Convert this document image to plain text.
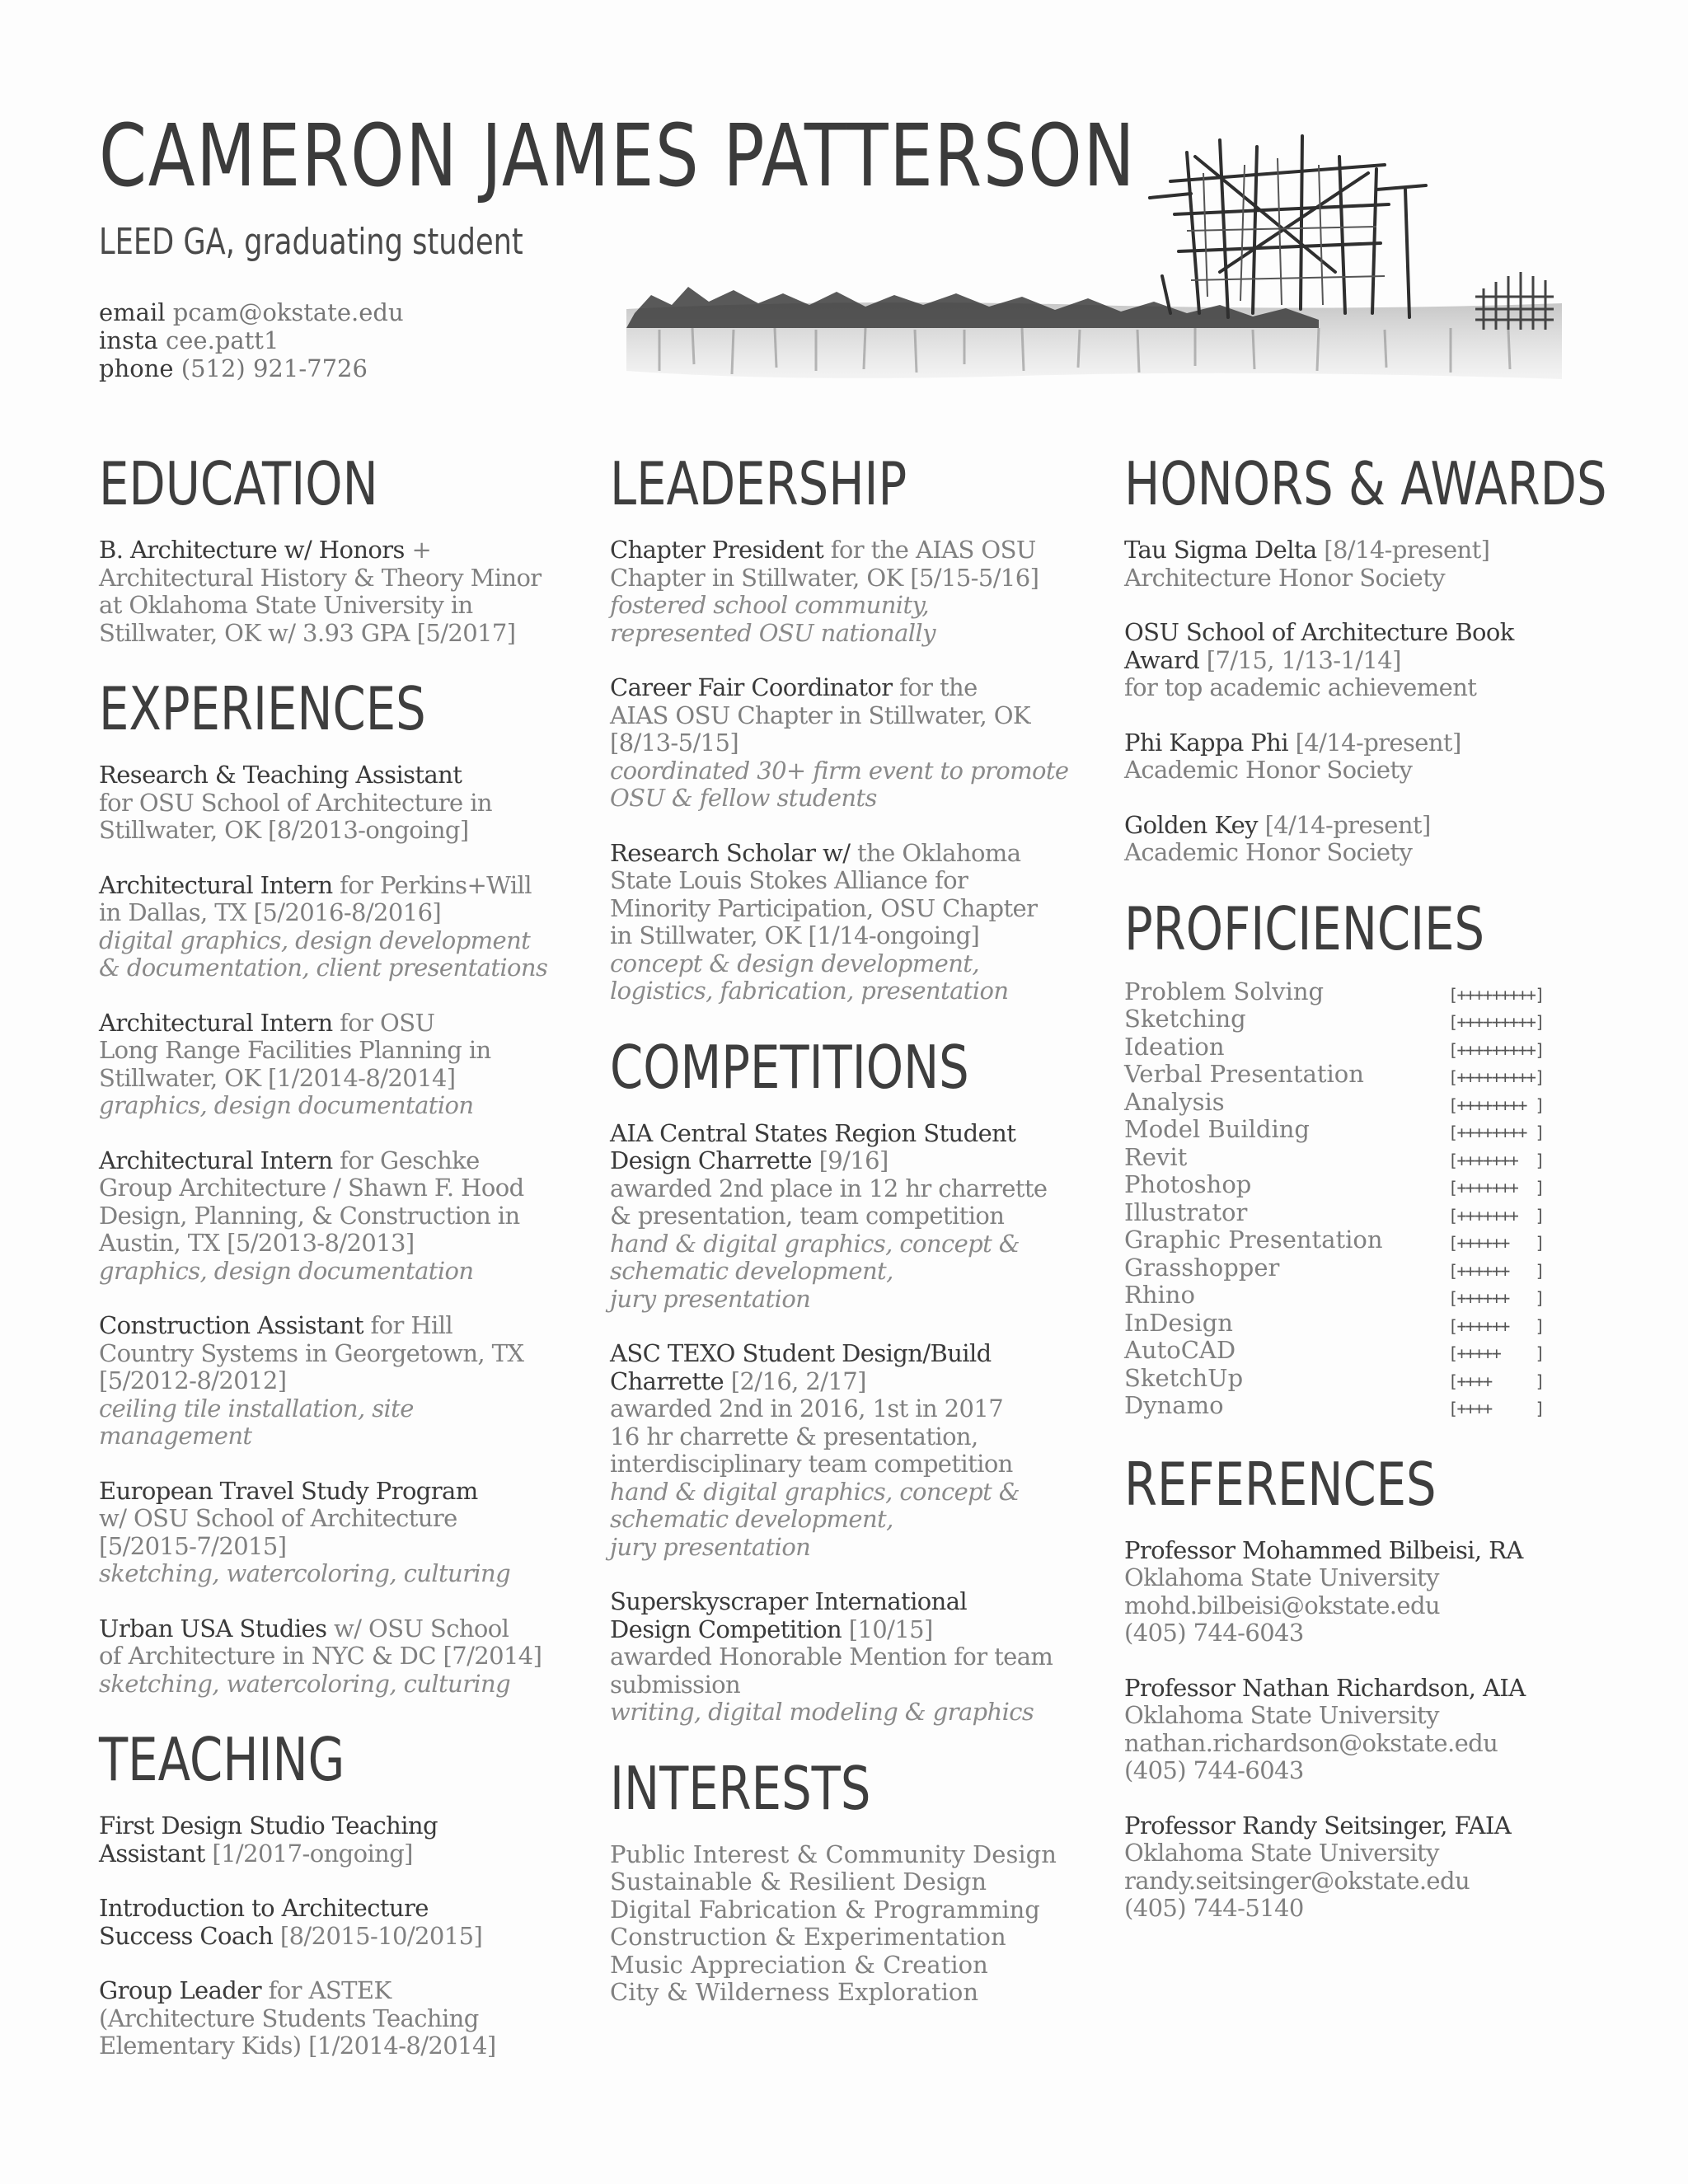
CAMERON JAMES PATTERSON
LEED GA, graduating student
email pcam@okstate.edu
insta cee.patt1
phone (512) 921-7726
EDUCATION
B. Architecture w/ Honors +
Architectural History & Theory Minor
at Oklahoma State University in
Stillwater, OK w/ 3.93 GPA [5/2017]
EXPERIENCES
Research & Teaching Assistant
for OSU School of Architecture in
Stillwater, OK [8/2013-ongoing]
Architectural Intern for Perkins+Will
in Dallas, TX [5/2016-8/2016]
digital graphics, design development
& documentation, client presentations
Architectural Intern for OSU
Long Range Facilities Planning in
Stillwater, OK [1/2014-8/2014]
graphics, design documentation
Architectural Intern for Geschke
Group Architecture / Shawn F. Hood
Design, Planning, & Construction in
Austin, TX [5/2013-8/2013]
graphics, design documentation
Construction Assistant for Hill
Country Systems in Georgetown, TX
[5/2012-8/2012]
ceiling tile installation, site
management
European Travel Study Program
w/ OSU School of Architecture
[5/2015-7/2015]
sketching, watercoloring, culturing
Urban USA Studies w/ OSU School
of Architecture in NYC & DC [7/2014]
sketching, watercoloring, culturing
TEACHING
First Design Studio Teaching
Assistant [1/2017-ongoing]
Introduction to Architecture
Success Coach [8/2015-10/2015]
Group Leader for ASTEK
(Architecture Students Teaching
Elementary Kids) [1/2014-8/2014]
LEADERSHIP
Chapter President for the AIAS OSU
Chapter in Stillwater, OK [5/15-5/16]
fostered school community,
represented OSU nationally
Career Fair Coordinator for the
AIAS OSU Chapter in Stillwater, OK
[8/13-5/15]
coordinated 30+ firm event to promote
OSU & fellow students
Research Scholar w/ the Oklahoma
State Louis Stokes Alliance for
Minority Participation, OSU Chapter
in Stillwater, OK [1/14-ongoing]
concept & design development,
logistics, fabrication, presentation
COMPETITIONS
AIA Central States Region Student
Design Charrette [9/16]
awarded 2nd place in 12 hr charrette
& presentation, team competition
hand & digital graphics, concept &
schematic development,
jury presentation
ASC TEXO Student Design/Build
Charrette [2/16, 2/17]
awarded 2nd in 2016, 1st in 2017
16 hr charrette & presentation,
interdisciplinary team competition
hand & digital graphics, concept &
schematic development,
jury presentation
Superskyscraper International
Design Competition [10/15]
awarded Honorable Mention for team
submission
writing, digital modeling & graphics
INTERESTS
Public Interest & Community Design
Sustainable & Resilient Design
Digital Fabrication & Programming
Construction & Experimentation
Music Appreciation & Creation
City & Wilderness Exploration
HONORS & AWARDS
Tau Sigma Delta [8/14-present]
Architecture Honor Society
OSU School of Architecture Book
Award [7/15, 1/13-1/14]
for top academic achievement
Phi Kappa Phi [4/14-present]
Academic Honor Society
Golden Key [4/14-present]
Academic Honor Society
PROFICIENCIES
Problem Solving	[+++++++++]
Sketching	[+++++++++]
Ideation	[+++++++++]
Verbal Presentation	[+++++++++]
Analysis	[++++++++ ]
Model Building	[++++++++ ]
Revit	[+++++++  ]
Photoshop	[+++++++  ]
Illustrator	[+++++++  ]
Graphic Presentation	[++++++   ]
Grasshopper	[++++++   ]
Rhino	[++++++   ]
InDesign	[++++++   ]
AutoCAD	[+++++    ]
SketchUp	[++++     ]
Dynamo	[++++     ]
REFERENCES
Professor Mohammed Bilbeisi, RA
Oklahoma State University
mohd.bilbeisi@okstate.edu
(405) 744-6043
Professor Nathan Richardson, AIA
Oklahoma State University
nathan.richardson@okstate.edu
(405) 744-6043
Professor Randy Seitsinger, FAIA
Oklahoma State University
randy.seitsinger@okstate.edu
(405) 744-5140
